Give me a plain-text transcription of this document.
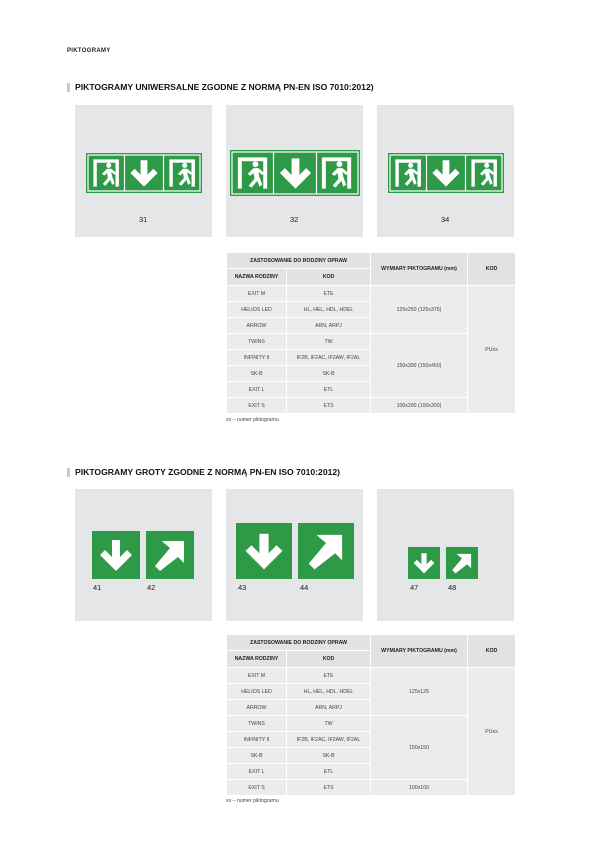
PIKTOGRAMY
PIKTOGRAMY UNIWERSALNE ZGODNE Z NORMĄ PN-EN ISO 7010:2012)
31	32	34
ZASTOSOWANIE DO RODZINY OPRAW		WYMIARY PIKTOGRAMU (mm)	KOD
NAZWA RODZINY	KOD		
EXIT M	ETE	125x250 (125x375)	PUxx
HELIOS LED	HL, HEL, HDL, HDEL		
ARROW	ARN, ARPJ		
TWINS	TW	150x300 (150x450)	
INFINITY II	IF2B, IF2AC, IF2AW, IF2AL		
SK-B	SK-B		
EXIT L	ETL		
EXIT S	ETS	100x200 (100x300)	
xx – numer piktogramu
PIKTOGRAMY GROTY ZGODNE Z NORMĄ PN-EN ISO 7010:2012)
41	42	43	44	47	48
ZASTOSOWANIE DO RODZINY OPRAW		WYMIARY PIKTOGRAMU (mm)	KOD
NAZWA RODZINY	KOD		
EXIT M	ETE	125x125	PUxx
HELIOS LED	HL, HEL, HDL, HDEL		
ARROW	ARN, ARPJ		
TWINS	TW	150x150	
INFINITY II	IF2B, IF2AC, IF2AW, IF2AL		
SK-B	SK-B		
EXIT L	ETL		
EXIT S	ETS	100x100	
xx – numer piktogramu
